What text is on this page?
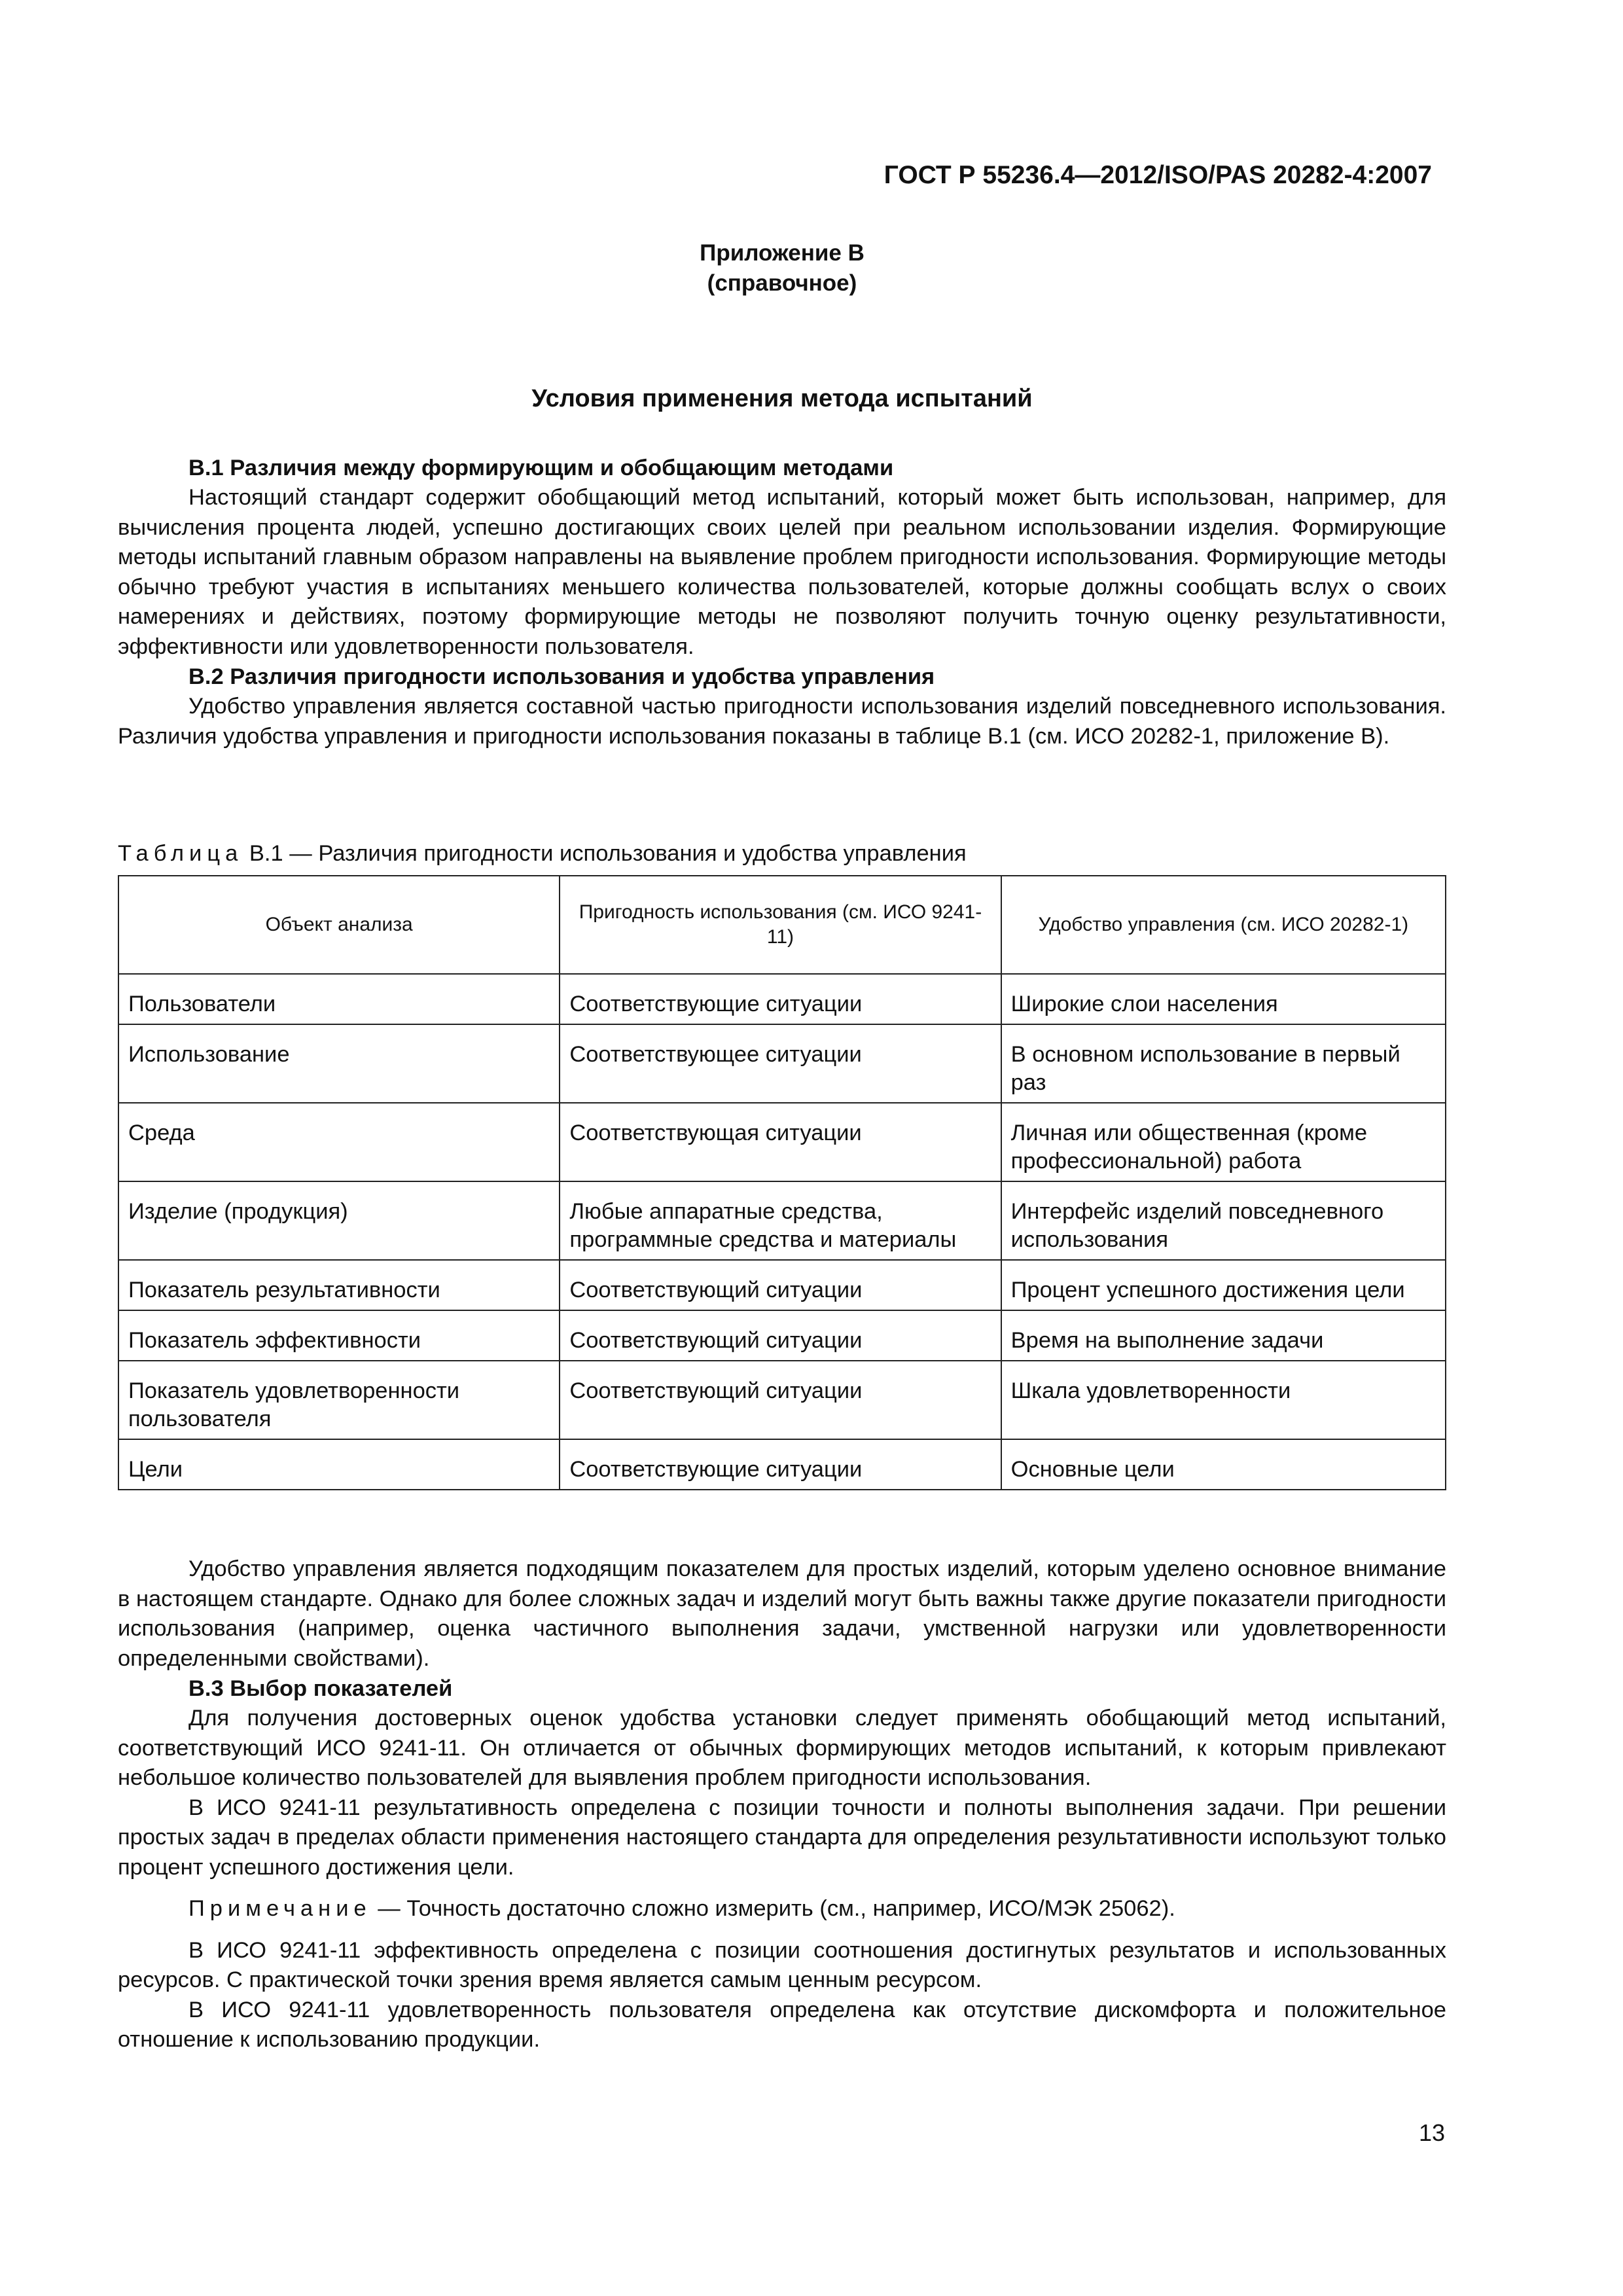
ГОСТ Р 55236.4—2012/ISO/PAS 20282-4:2007
Приложение В
(справочное)
Условия применения метода испытаний
В.1 Различия между формирующим и обобщающим методами

Настоящий стандарт содержит обобщающий метод испытаний, который может быть использован, например, для вычисления процента людей, успешно достигающих своих целей при реальном использовании изделия. Формирующие методы испытаний главным образом направлены на выявление проблем пригодности использования. Формирующие методы обычно требуют участия в испытаниях меньшего количества пользователей, которые должны сообщать вслух о своих намерениях и действиях, поэтому формирующие методы не позволяют получить точную оценку результативности, эффективности или удовлетворенности пользователя.

В.2 Различия пригодности использования и удобства управления

Удобство управления является составной частью пригодности использования изделий повседневного использования. Различия удобства управления и пригодности использования показаны в таблице В.1 (см. ИСО 20282-1, приложение В).

Таблица В.1 — Различия пригодности использования и удобства управления
Объект анализа	Пригодность использования (см. ИСО 9241-11)	Удобство управления (см. ИСО 20282-1)
Пользователи	Соответствующие ситуации	Широкие слои населения
Использование	Соответствующее ситуации	В основном использование в первый раз
Среда	Соответствующая ситуации	Личная или общественная (кроме профессиональной) работа
Изделие (продукция)	Любые аппаратные средства, программные средства и материалы	Интерфейс изделий повседневного использования
Показатель результативности	Соответствующий ситуации	Процент успешного достижения цели
Показатель эффективности	Соответствующий ситуации	Время на выполнение задачи
Показатель удовлетворенности пользователя	Соответствующий ситуации	Шкала удовлетворенности
Цели	Соответствующие ситуации	Основные цели

Удобство управления является подходящим показателем для простых изделий, которым уделено основное внимание в настоящем стандарте. Однако для более сложных задач и изделий могут быть важны также другие показатели пригодности использования (например, оценка частичного выполнения задачи, умственной нагрузки или удовлетворенности определенными свойствами).

В.3 Выбор показателей

Для получения достоверных оценок удобства установки следует применять обобщающий метод испытаний, соответствующий ИСО 9241-11. Он отличается от обычных формирующих методов испытаний, к которым привлекают небольшое количество пользователей для выявления проблем пригодности использования.

В ИСО 9241-11 результативность определена с позиции точности и полноты выполнения задачи. При решении простых задач в пределах области применения настоящего стандарта для определения результативности используют только процент успешного достижения цели.

Примечание — Точность достаточно сложно измерить (см., например, ИСО/МЭК 25062).

В ИСО 9241-11 эффективность определена с позиции соотношения достигнутых результатов и использованных ресурсов. С практической точки зрения время является самым ценным ресурсом.

В ИСО 9241-11 удовлетворенность пользователя определена как отсутствие дискомфорта и положительное отношение к использованию продукции.

13
